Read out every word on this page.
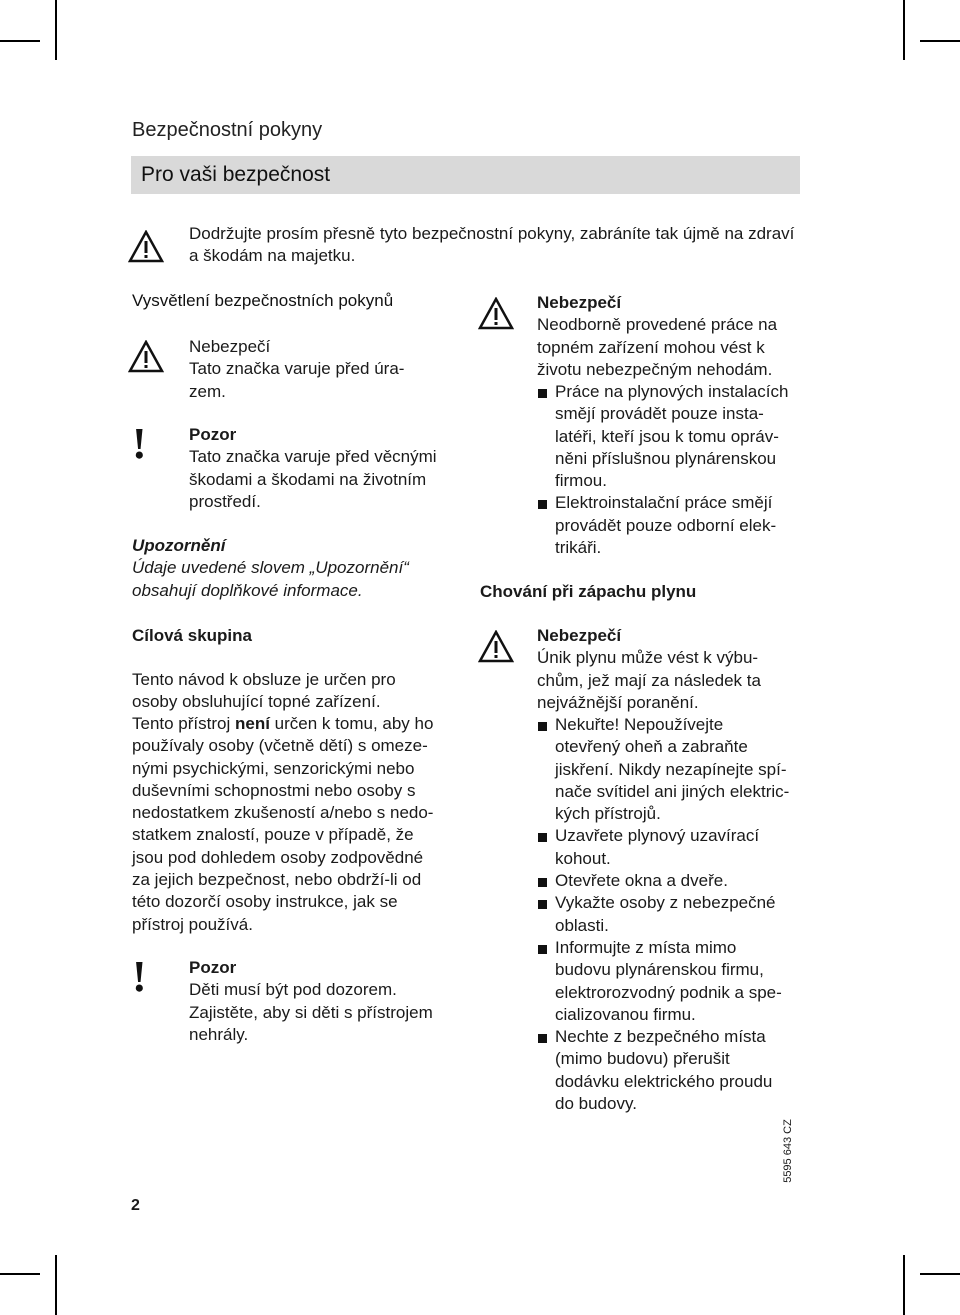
Bezpečnostní pokyny
Pro vaši bezpečnost
Dodržujte prosím přesně tyto bezpečnostní pokyny, zabráníte tak újmě na zdraví a škodám na majetku.
Vysvětlení bezpečnostních pokynů
Nebezpečí
Tato značka varuje před úra-
zem.
! Pozor
Tato značka varuje před věcnými
škodami a škodami na životním
prostředí.
Upozornění
Údaje uvedené slovem „Upozornění“
obsahují doplňkové informace.
Cílová skupina
Tento návod k obsluze je určen pro
osoby obsluhující topné zařízení.
Tento přístroj není určen k tomu, aby ho
používaly osoby (včetně dětí) s omeze-
nými psychickými, senzorickými nebo
duševními schopnostmi nebo osoby s
nedostatkem zkušeností a/nebo s nedo-
statkem znalostí, pouze v případě, že
jsou pod dohledem osoby zodpovědné
za jejich bezpečnost, nebo obdrží-li od
této dozorčí osoby instrukce, jak se
přístroj používá.
! Pozor
Děti musí být pod dozorem.
Zajistěte, aby si děti s přístrojem
nehrály.
Nebezpečí
Neodborně provedené práce na
topném zařízení mohou vést k
životu nebezpečným nehodám.
Práce na plynových instalacích
smějí provádět pouze insta-
latéři, kteří jsou k tomu opráv-
něni příslušnou plynárenskou
firmou.
Elektroinstalační práce smějí
provádět pouze odborní elek-
trikáři.
Chování při zápachu plynu
Nebezpečí
Únik plynu může vést k výbu-
chům, jež mají za následek ta
nejvážnější poranění.
Nekuřte! Nepoužívejte
otevřený oheň a zabraňte
jiskření. Nikdy nezapínejte spí-
nače svítidel ani jiných elektric-
kých přístrojů.
Uzavřete plynový uzavírací
kohout.
Otevřete okna a dveře.
Vykažte osoby z nebezpečné
oblasti.
Informujte z místa mimo
budovu plynárenskou firmu,
elektrorozvodný podnik a spe-
cializovanou firmu.
Nechte z bezpečného místa
(mimo budovu) přerušit
dodávku elektrického proudu
do budovy.
2
5595 643 CZ
